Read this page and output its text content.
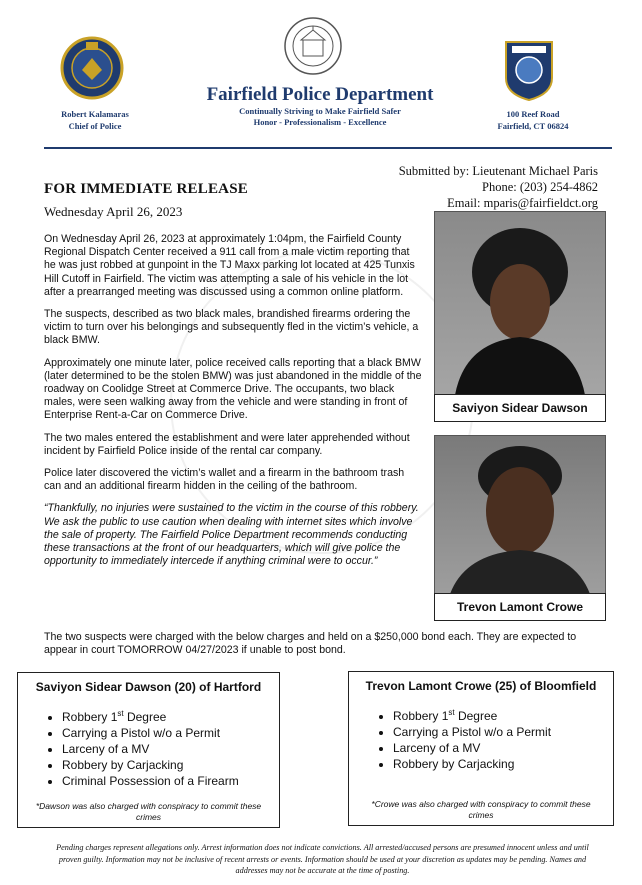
Robert Kalamaras
Chief of Police
Fairfield Police Department
Continually Striving to Make Fairfield Safer
Honor - Professionalism - Excellence
100 Reef Road
Fairfield, CT 06824
Submitted by: Lieutenant Michael Paris
Phone: (203) 254-4862
Email: mparis@fairfieldct.org
FOR IMMEDIATE RELEASE
Wednesday April 26, 2023

On Wednesday April 26, 2023 at approximately 1:04pm, the Fairfield County Regional Dispatch Center received a 911 call from a male victim reporting that he was just robbed at gunpoint in the TJ Maxx parking lot located at 425 Tunxis Hill Cutoff in Fairfield. The victim was attempting a sale of his vehicle in the lot after a prearranged meeting was discussed using a common online platform.

The suspects, described as two black males, brandished firearms ordering the victim to turn over his belongings and subsequently fled in the victim’s vehicle, a black BMW.

Approximately one minute later, police received calls reporting that a black BMW (later determined to be the stolen BMW) was just abandoned in the middle of the roadway on Coolidge Street at Commerce Drive. The occupants, two black males, were seen walking away from the vehicle and were standing in front of Enterprise Rent-a-Car on Commerce Drive.

The two males entered the establishment and were later apprehended without incident by Fairfield Police inside of the rental car company.

Police later discovered the victim’s wallet and a firearm in the bathroom trash can and an additional firearm hidden in the ceiling of the bathroom.

“Thankfully, no injuries were sustained to the victim in the course of this robbery. We ask the public to use caution when dealing with internet sites which involve the sale of property. The Fairfield Police Department recommends conducting these transactions at the front of our headquarters, which will give police the opportunity to immediately intercede if anything criminal were to occur.”

The two suspects were charged with the below charges and held on a $250,000 bond each. They are expected to appear in court TOMORROW 04/27/2023 if unable to post bond.
Saviyon Sidear Dawson
Trevon Lamont Crowe
Saviyon Sidear Dawson (20) of Hartford
• Robbery 1st Degree
• Carrying a Pistol w/o a Permit
• Larceny of a MV
• Robbery by Carjacking
• Criminal Possession of a Firearm
*Dawson was also charged with conspiracy to commit these crimes
Trevon Lamont Crowe (25) of Bloomfield
• Robbery 1st Degree
• Carrying a Pistol w/o a Permit
• Larceny of a MV
• Robbery by Carjacking
*Crowe was also charged with conspiracy to commit these crimes
Pending charges represent allegations only. Arrest information does not indicate convictions. All arrested/accused persons are presumed innocent unless and until proven guilty. Information may not be inclusive of recent arrests or events. Information should be used at your discretion as updates may be pending. Names and addresses may not be accurate at the time of posting.
